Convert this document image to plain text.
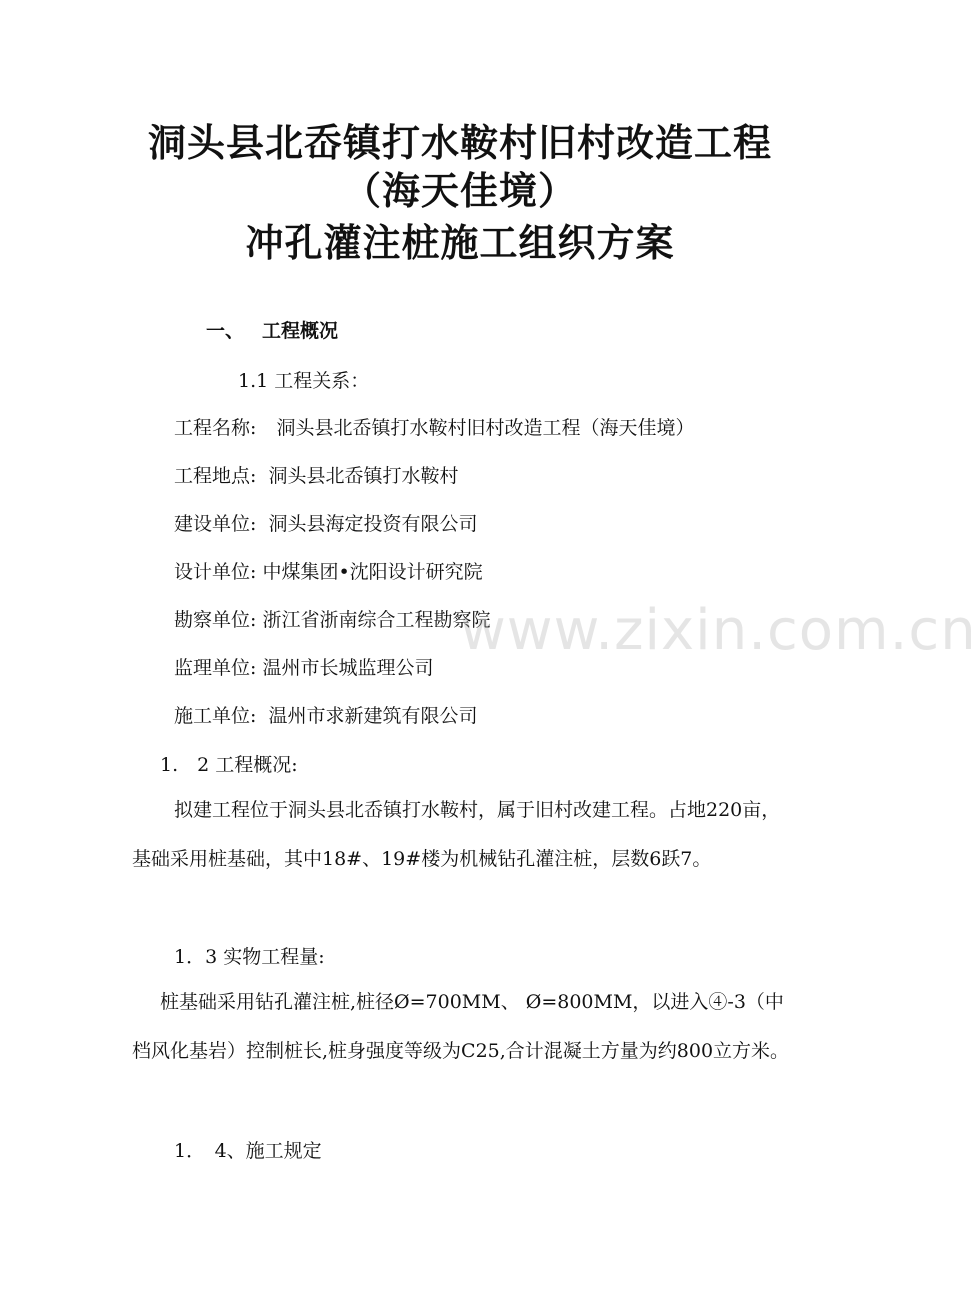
洞头县北岙镇打水鞍村旧村改造工程
（海天佳境）
冲孔灌注桩施工组织方案
一、 工程概况
1.1 工程关系：
工程名称: 洞头县北岙镇打水鞍村旧村改造工程（海天佳境）
工程地点: 洞头县北岙镇打水鞍村
建设单位: 洞头县海定投资有限公司
设计单位: 中煤集团•沈阳设计研究院
勘察单位: 浙江省浙南综合工程勘察院
监理单位: 温州市长城监理公司
施工单位: 温州市求新建筑有限公司
1.　2 工程概况:
拟建工程位于洞头县北岙镇打水鞍村，属于旧村改建工程。占地220亩，基础采用桩基础，其中18#、19#楼为机械钻孔灌注桩，层数6跃7。
1．3 实物工程量:
桩基础采用钻孔灌注桩,桩径Ø=700MM、 Ø=800MM，以进入④-3（中档风化基岩）控制桩长,桩身强度等级为C25,合计混凝土方量为约800立方米。
1．　4、施工规定
www.zixin.com.cn
